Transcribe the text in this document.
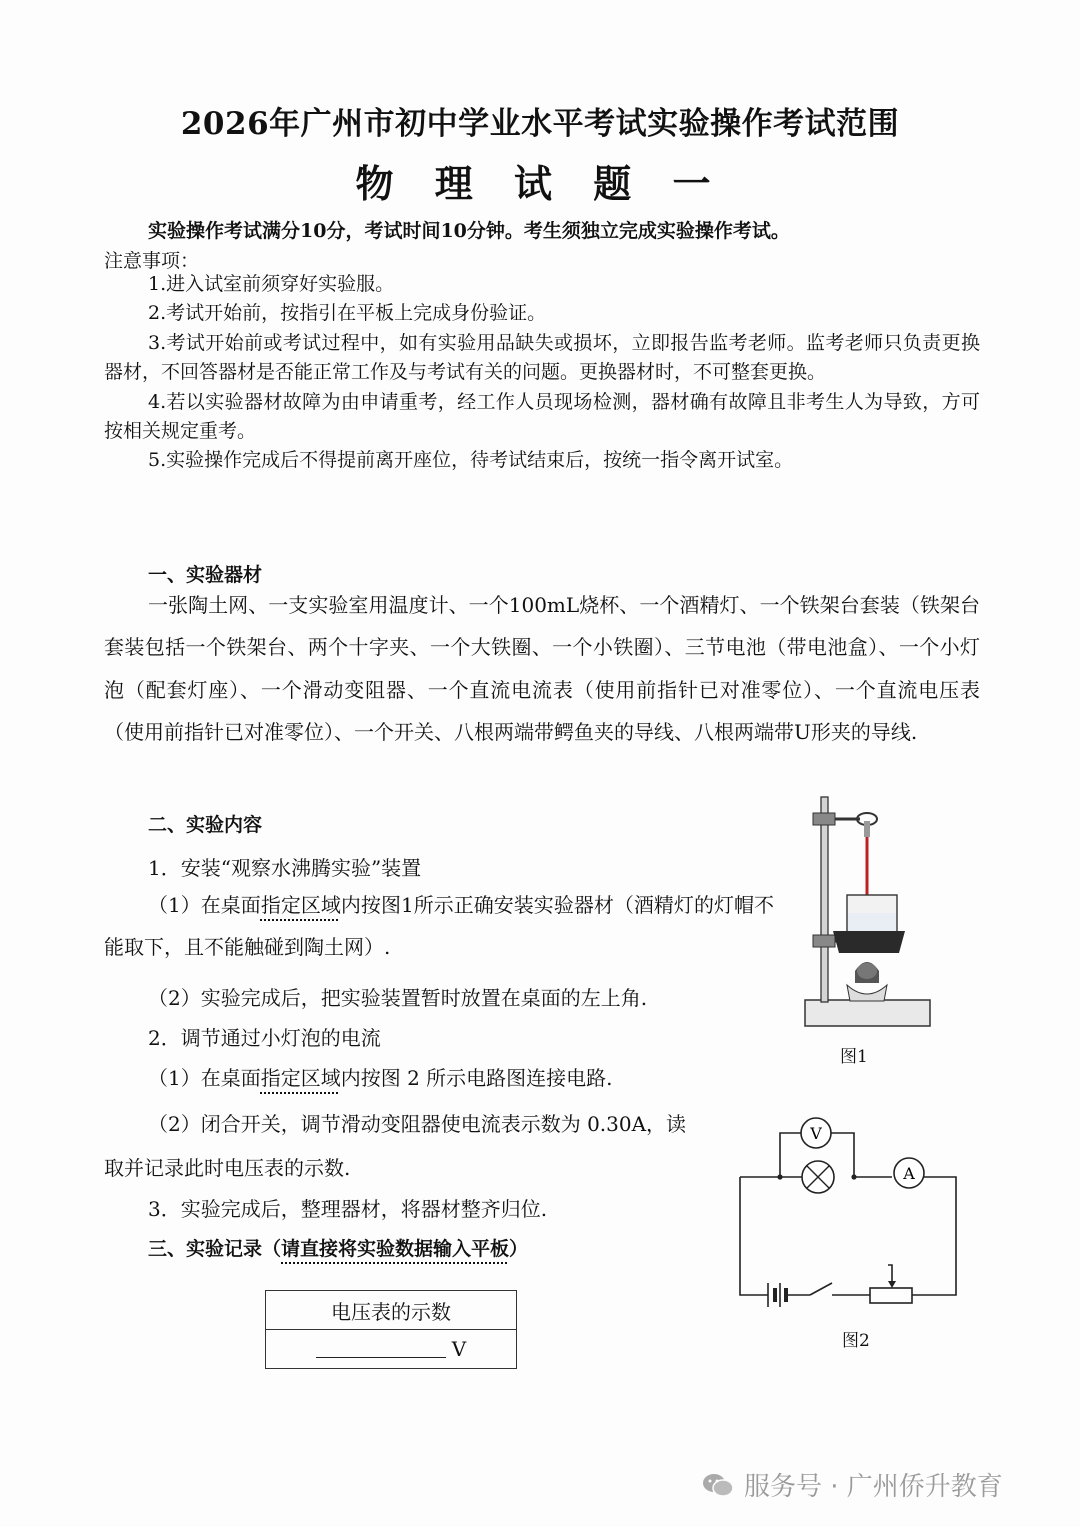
2026年广州市初中学业水平考试实验操作考试范围
物 理 试 题 一
实验操作考试满分10分，考试时间10分钟。考生须独立完成实验操作考试。
注意事项：

1.进入试室前须穿好实验服。

2.考试开始前，按指引在平板上完成身份验证。

3.考试开始前或考试过程中，如有实验用品缺失或损坏，立即报告监考老师。监考老师只负责更换器材，不回答器材是否能正常工作及与考试有关的问题。更换器材时，不可整套更换。

4.若以实验器材故障为由申请重考，经工作人员现场检测，器材确有故障且非考生人为导致，方可按相关规定重考。

5.实验操作完成后不得提前离开座位，待考试结束后，按统一指令离开试室。

一、实验器材
一张陶土网、一支实验室用温度计、一个100mL烧杯、一个酒精灯、一个铁架台套装（铁架台套装包括一个铁架台、两个十字夹、一个大铁圈、一个小铁圈）、三节电池（带电池盒）、一个小灯泡（配套灯座）、一个滑动变阻器、一个直流电流表（使用前指针已对准零位）、一个直流电压表（使用前指针已对准零位）、一个开关、八根两端带鳄鱼夹的导线、八根两端带U形夹的导线.
二、实验内容
1．安装“观察水沸腾实验”装置
（1）在桌面指定区域内按图1所示正确安装实验器材（酒精灯的灯帽不能取下，且不能触碰到陶土网）.
（2）实验完成后，把实验装置暂时放置在桌面的左上角.
2．调节通过小灯泡的电流
（1）在桌面指定区域内按图 2 所示电路图连接电路.
（2）闭合开关，调节滑动变阻器使电流表示数为 0.30A，读
取并记录此时电压表的示数.
3．实验完成后，整理器材，将器材整齐归位.
三、实验记录（请直接将实验数据输入平板）
电压表的示数
V
图1
V
A
图2
服务号 · 广州侨升教育
